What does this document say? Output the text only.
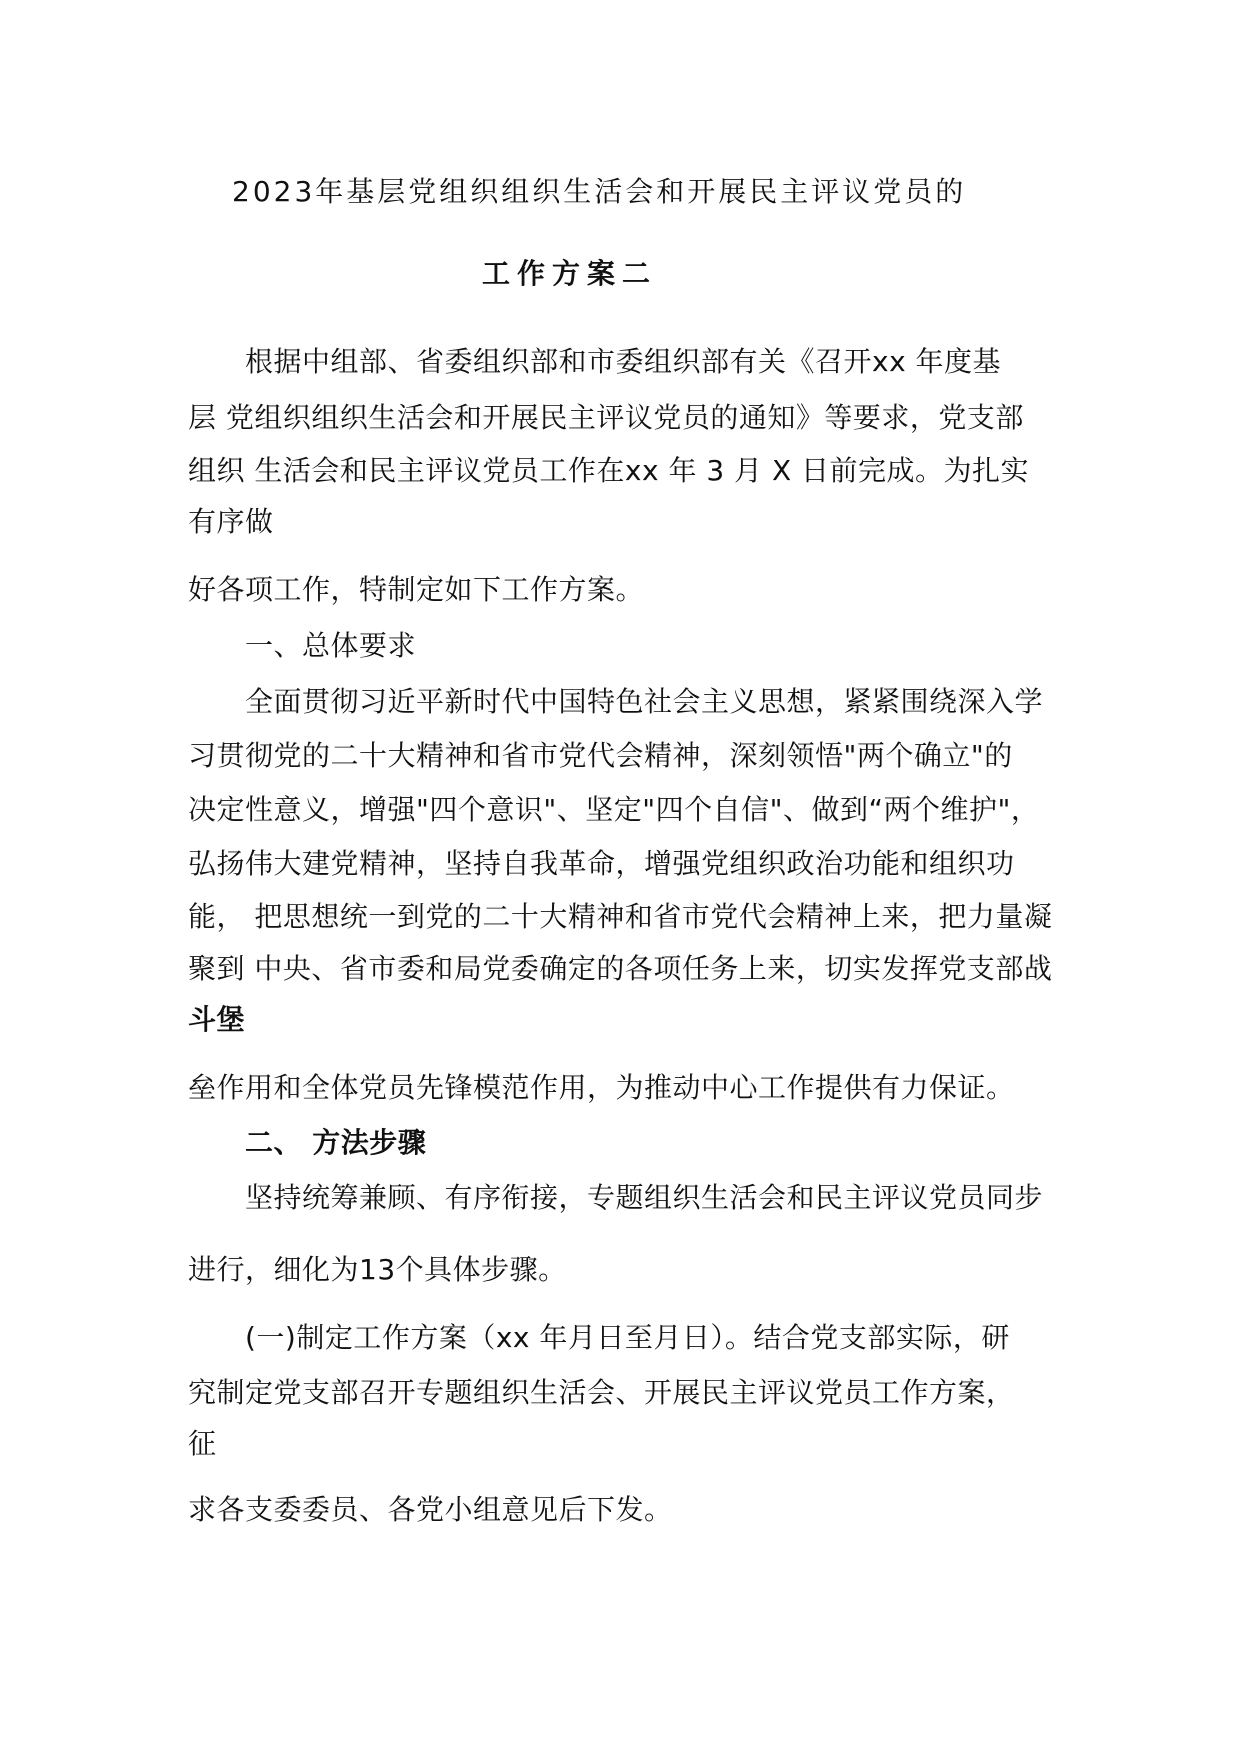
2023年基层党组织组织生活会和开展民主评议党员的
工作方案二
根据中组部、省委组织部和市委组织部有关《召开xx 年度基
层 党组织组织生活会和开展民主评议党员的通知》等要求，党支部
组织 生活会和民主评议党员工作在xx 年 3 月 X 日前完成。为扎实
有序做
好各项工作，特制定如下工作方案。
一、总体要求
全面贯彻习近平新时代中国特色社会主义思想，紧紧围绕深入学
习贯彻党的二十大精神和省市党代会精神，深刻领悟"两个确立"的
决定性意义，增强"四个意识"、坚定"四个自信"、做到“两个维护"，
弘扬伟大建党精神，坚持自我革命，增强党组织政治功能和组织功
能， 把思想统一到党的二十大精神和省市党代会精神上来，把力量凝
聚到 中央、省市委和局党委确定的各项任务上来，切实发挥党支部战
斗堡
垒作用和全体党员先锋模范作用，为推动中心工作提供有力保证。
二、 方法步骤
坚持统筹兼顾、有序衔接，专题组织生活会和民主评议党员同步
进行，细化为13个具体步骤。
(一)制定工作方案（xx 年月日至月日）。结合党支部实际，研
究制定党支部召开专题组织生活会、开展民主评议党员工作方案，
征
求各支委委员、各党小组意见后下发。
